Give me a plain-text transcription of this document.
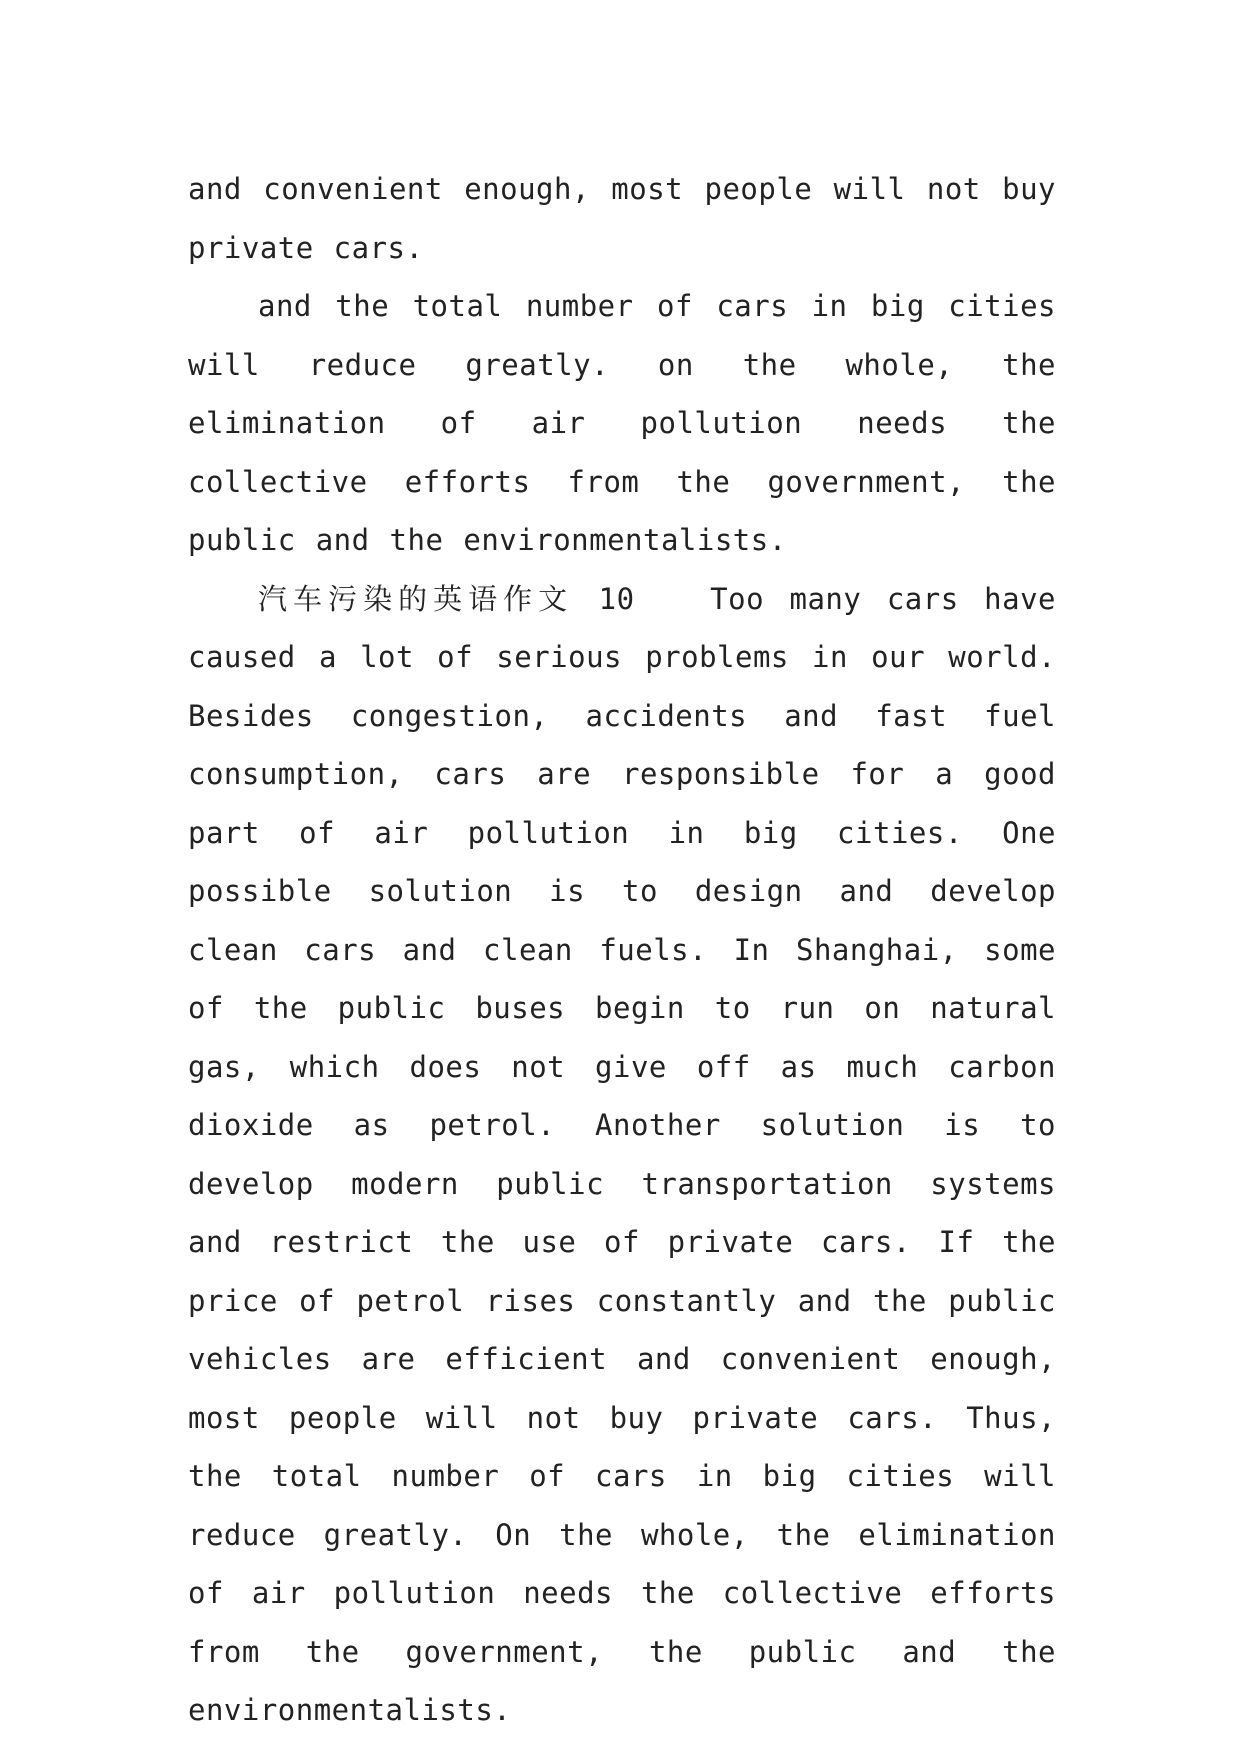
and convenient enough, most people will not buy private cars.

and the total number of cars in big cities will reduce greatly. on the whole, the elimination of air pollution needs the collective efforts from the government, the public and the environmentalists.

汽车污染的英语作文 10　　Too many cars have caused a lot of serious problems in our world. Besides congestion, accidents and fast fuel consumption, cars are responsible for a good part of air pollution in big cities. One possible solution is to design and develop clean cars and clean fuels. In Shanghai, some of the public buses begin to run on natural gas, which does not give off as much carbon dioxide as petrol. Another solution is to develop modern public transportation systems and restrict the use of private cars. If the price of petrol rises constantly and the public vehicles are efficient and convenient enough, most people will not buy private cars. Thus, the total number of cars in big cities will reduce greatly. On the whole, the elimination of air pollution needs the collective efforts from the government, the public and the environmentalists.
